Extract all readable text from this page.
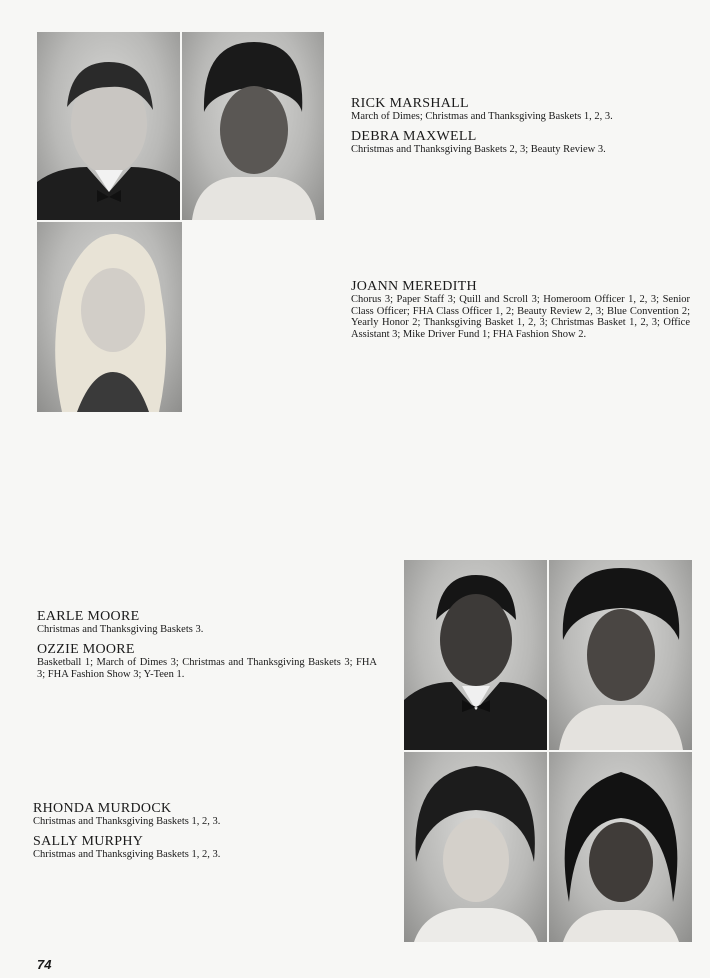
RICK MARSHALL
March of Dimes; Christmas and Thanksgiving Baskets 1, 2, 3.
DEBRA MAXWELL
Christmas and Thanksgiving Baskets 2, 3; Beauty Review 3.
JOANN MEREDITH
Chorus 3; Paper Staff 3; Quill and Scroll 3; Homeroom Officer 1, 2, 3; Senior Class Officer; FHA Class Officer 1, 2; Beauty Review 2, 3; Blue Convention 2; Yearly Honor 2; Thanksgiving Basket 1, 2, 3; Christmas Basket 1, 2, 3; Office Assistant 3; Mike Driver Fund 1; FHA Fashion Show 2.
EARLE MOORE
Christmas and Thanksgiving Baskets 3.
OZZIE MOORE
Basketball 1; March of Dimes 3; Christmas and Thanksgiving Baskets 3; FHA 3; FHA Fashion Show 3; Y-Teen 1.
RHONDA MURDOCK
Christmas and Thanksgiving Baskets 1, 2, 3.
SALLY MURPHY
Christmas and Thanksgiving Baskets 1, 2, 3.
74
